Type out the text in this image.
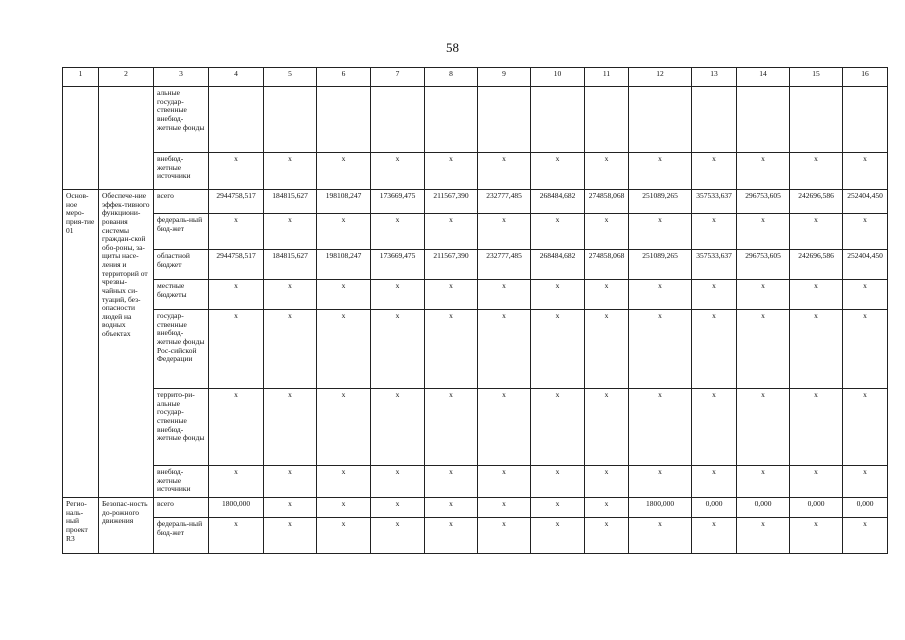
58
1	2	3	4	5	6	7	8	9	10	11	12	13	14	15	16
		альные государ-ственные внебюд-жетные фонды													
		внебюд-жетные источники	x	x	x	x	x	x	x	x	x	x	x	x	x
Основ-ное меро-прия-тие 01	Обеспече-ние эффек-тивного функциони-рования системы граждан-ской обо-роны, за-щиты насе-ления и территорий от чрезвы-чайных си-туаций, без-опасности людей на водных объектах	всего	2944758,517	184815,627	198108,247	173669,475	211567,390	232777,485	268484,682	274858,068	251089,265	357533,637	296753,605	242696,586	252404,450
		федераль-ный бюд-жет	x	x	x	x	x	x	x	x	x	x	x	x	x
		областной бюджет	2944758,517	184815,627	198108,247	173669,475	211567,390	232777,485	268484,682	274858,068	251089,265	357533,637	296753,605	242696,586	252404,450
		местные бюджеты	x	x	x	x	x	x	x	x	x	x	x	x	x
		государ-ственные внебюд-жетные фонды Рос-сийской Федерации	x	x	x	x	x	x	x	x	x	x	x	x	x
		террито-ри-альные государ-ственные внебюд-жетные фонды	x	x	x	x	x	x	x	x	x	x	x	x	x
		внебюд-жетные источники	x	x	x	x	x	x	x	x	x	x	x	x	x
Регио-наль-ный проект R3	Безопас-ность до-рожного движения	всего	1800,000	x	x	x	x	x	x	x	1800,000	0,000	0,000	0,000	0,000
		федераль-ный бюд-жет	x	x	x	x	x	x	x	x	x	x	x	x	x
